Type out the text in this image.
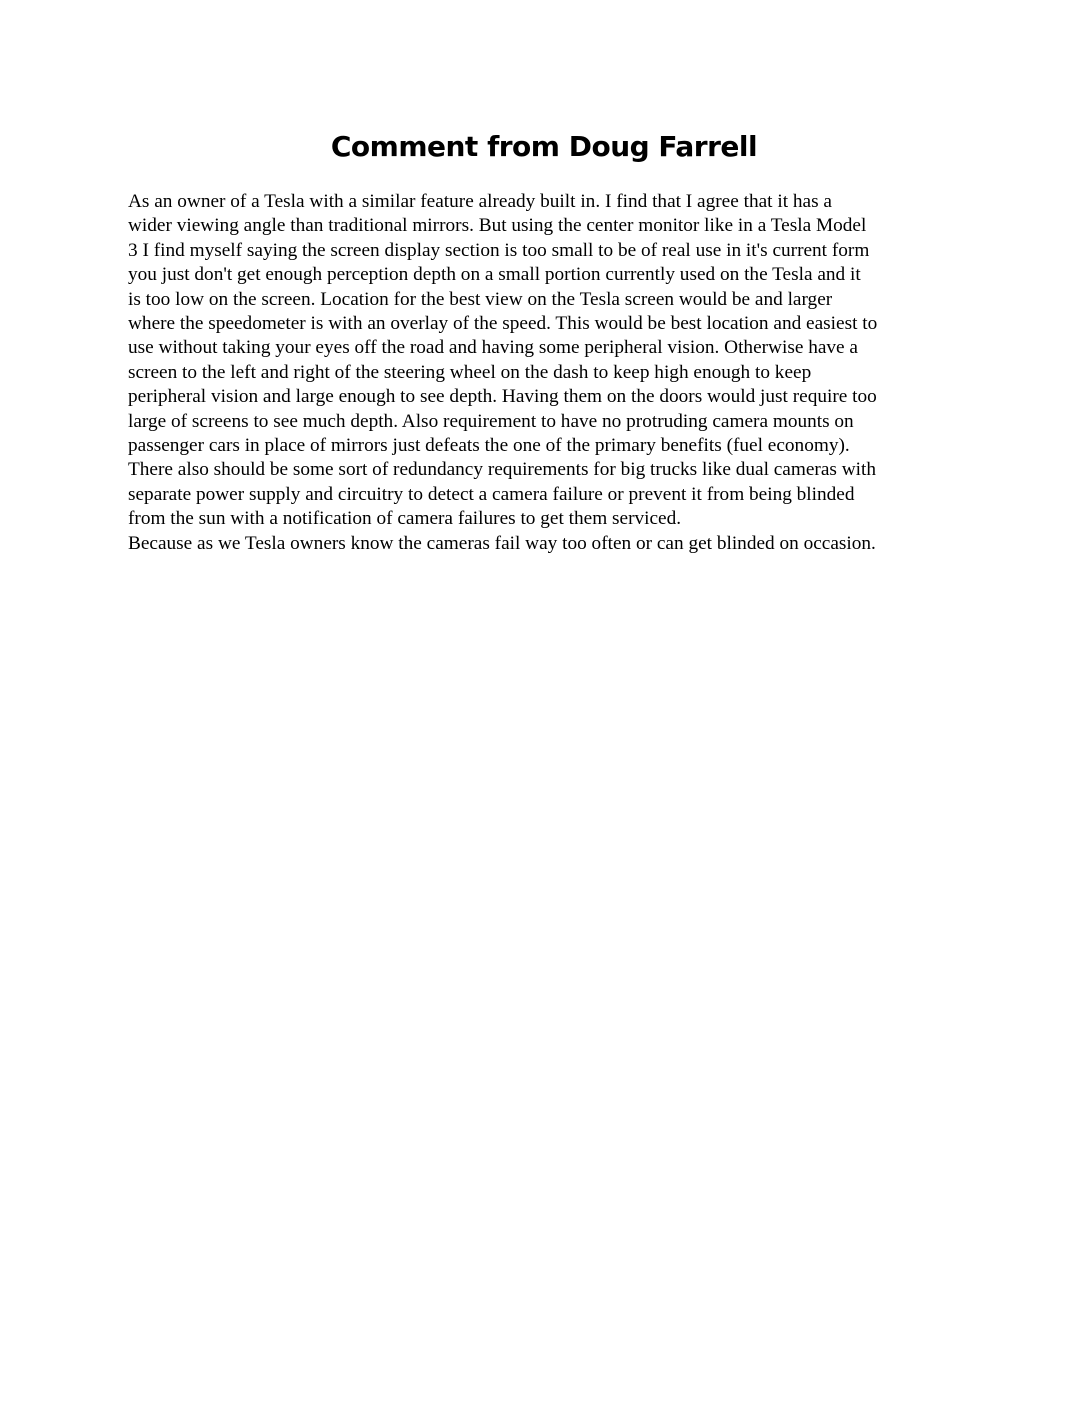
Comment from Doug Farrell
As an owner of a Tesla with a similar feature already built in. I find that I agree that it has a
wider viewing angle than traditional mirrors. But using the center monitor like in a Tesla Model
3 I find myself saying the screen display section is too small to be of real use in it's current form
you just don't get enough perception depth on a small portion currently used on the Tesla and it
is too low on the screen. Location for the best view on the Tesla screen would be and larger
where the speedometer is with an overlay of the speed. This would be best location and easiest to
use without taking your eyes off the road and having some peripheral vision. Otherwise have a
screen to the left and right of the steering wheel on the dash to keep high enough to keep
peripheral vision and large enough to see depth. Having them on the doors would just require too
large of screens to see much depth. Also requirement to have no protruding camera mounts on
passenger cars in place of mirrors just defeats the one of the primary benefits (fuel economy).
There also should be some sort of redundancy requirements for big trucks like dual cameras with
separate power supply and circuitry to detect a camera failure or prevent it from being blinded
from the sun with a notification of camera failures to get them serviced.
Because as we Tesla owners know the cameras fail way too often or can get blinded on occasion.
